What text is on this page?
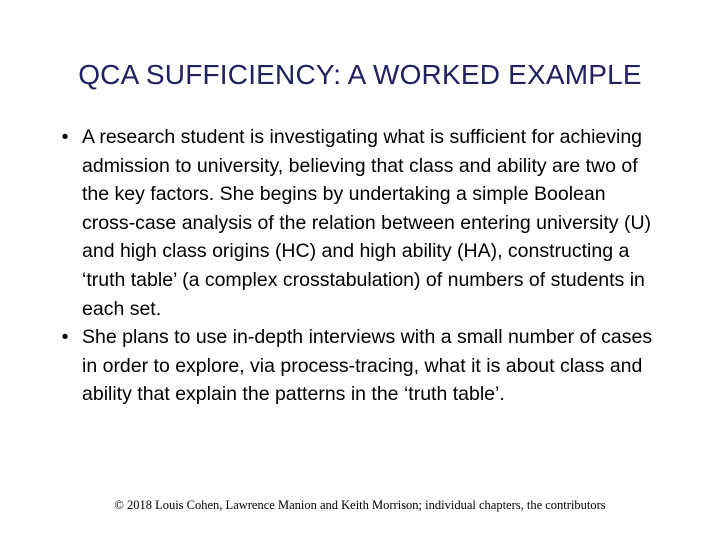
QCA SUFFICIENCY: A WORKED EXAMPLE
• A research student is investigating what is sufficient for achieving admission to university, believing that class and ability are two of the key factors. She begins by undertaking a simple Boolean cross-case analysis of the relation between entering university (U) and high class origins (HC) and high ability (HA), constructing a ‘truth table’ (a complex crosstabulation) of numbers of students in each set.
• She plans to use in-depth interviews with a small number of cases in order to explore, via process-tracing, what it is about class and ability that explain the patterns in the ‘truth table’.
© 2018 Louis Cohen, Lawrence Manion and Keith Morrison; individual chapters, the contributors
